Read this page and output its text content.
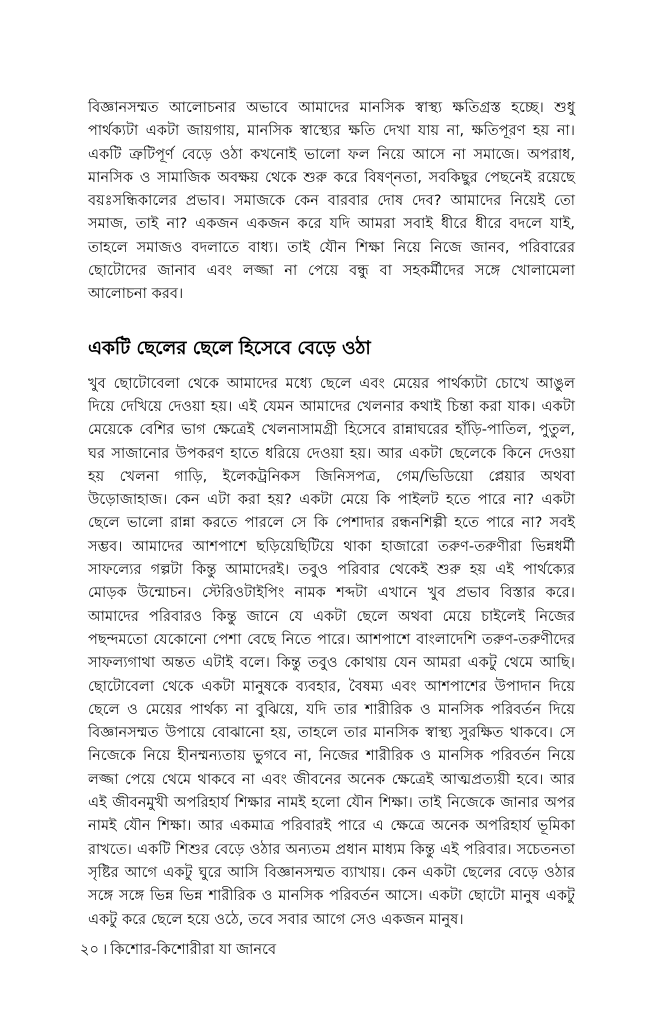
বিজ্ঞানসম্মত আলোচনার অভাবে আমাদের মানসিক স্বাস্থ্য ক্ষতিগ্রস্ত হচ্ছে। শুধু পার্থক্যটা একটা জায়গায়, মানসিক স্বাস্থ্যের ক্ষতি দেখা যায় না, ক্ষতিপূরণ হয় না। একটি ত্রুটিপূর্ণ বেড়ে ওঠা কখনোই ভালো ফল নিয়ে আসে না সমাজে। অপরাধ, মানসিক ও সামাজিক অবক্ষয় থেকে শুরু করে বিষণ্নতা, সবকিছুর পেছনেই রয়েছে বয়ঃসন্ধিকালের প্রভাব। সমাজকে কেন বারবার দোষ দেব? আমাদের নিয়েই তো সমাজ, তাই না? একজন একজন করে যদি আমরা সবাই ধীরে ধীরে বদলে যাই, তাহলে সমাজও বদলাতে বাধ্য। তাই যৌন শিক্ষা নিয়ে নিজে জানব, পরিবারের ছোটোদের জানাব এবং লজ্জা না পেয়ে বন্ধু বা সহকর্মীদের সঙ্গে খোলামেলা আলোচনা করব।

একটি ছেলের ছেলে হিসেবে বেড়ে ওঠা

খুব ছোটোবেলা থেকে আমাদের মধ্যে ছেলে এবং মেয়ের পার্থক্যটা চোখে আঙুল দিয়ে দেখিয়ে দেওয়া হয়। এই যেমন আমাদের খেলনার কথাই চিন্তা করা যাক। একটা মেয়েকে বেশির ভাগ ক্ষেত্রেই খেলনাসামগ্রী হিসেবে রান্নাঘরের হাঁড়ি-পাতিল, পুতুল, ঘর সাজানোর উপকরণ হাতে ধরিয়ে দেওয়া হয়। আর একটা ছেলেকে কিনে দেওয়া হয় খেলনা গাড়ি, ইলেকট্রনিকস জিনিসপত্র, গেম/ভিডিয়ো প্লেয়ার অথবা উড়োজাহাজ। কেন এটা করা হয়? একটা মেয়ে কি পাইলট হতে পারে না? একটা ছেলে ভালো রান্না করতে পারলে সে কি পেশাদার রন্ধনশিল্পী হতে পারে না? সবই সম্ভব। আমাদের আশপাশে ছড়িয়েছিটিয়ে থাকা হাজারো তরুণ-তরুণীরা ভিন্নধর্মী সাফল্যের গল্পটা কিন্তু আমাদেরই। তবুও পরিবার থেকেই শুরু হয় এই পার্থক্যের মোড়ক উন্মোচন। স্টেরিওটাইপিং নামক শব্দটা এখানে খুব প্রভাব বিস্তার করে। আমাদের পরিবারও কিন্তু জানে যে একটা ছেলে অথবা মেয়ে চাইলেই নিজের পছন্দমতো যেকোনো পেশা বেছে নিতে পারে। আশপাশে বাংলাদেশি তরুণ-তরুণীদের সাফল্যগাথা অন্তত এটাই বলে। কিন্তু তবুও কোথায় যেন আমরা একটু থেমে আছি। ছোটোবেলা থেকে একটা মানুষকে ব্যবহার, বৈষম্য এবং আশপাশের উপাদান দিয়ে ছেলে ও মেয়ের পার্থক্য না বুঝিয়ে, যদি তার শারীরিক ও মানসিক পরিবর্তন দিয়ে বিজ্ঞানসম্মত উপায়ে বোঝানো হয়, তাহলে তার মানসিক স্বাস্থ্য সুরক্ষিত থাকবে। সে নিজেকে নিয়ে হীনম্মন্যতায় ভুগবে না, নিজের শারীরিক ও মানসিক পরিবর্তন নিয়ে লজ্জা পেয়ে থেমে থাকবে না এবং জীবনের অনেক ক্ষেত্রেই আত্মপ্রত্যয়ী হবে। আর এই জীবনমুখী অপরিহার্য শিক্ষার নামই হলো যৌন শিক্ষা। তাই নিজেকে জানার অপর নামই যৌন শিক্ষা। আর একমাত্র পরিবারই পারে এ ক্ষেত্রে অনেক অপরিহার্য ভূমিকা রাখতে। একটি শিশুর বেড়ে ওঠার অন্যতম প্রধান মাধ্যম কিন্তু এই পরিবার। সচেতনতা সৃষ্টির আগে একটু ঘুরে আসি বিজ্ঞানসম্মত ব্যাখায়। কেন একটা ছেলের বেড়ে ওঠার সঙ্গে সঙ্গে ভিন্ন ভিন্ন শারীরিক ও মানসিক পরিবর্তন আসে। একটা ছোটো মানুষ একটু একটু করে ছেলে হয়ে ওঠে, তবে সবার আগে সেও একজন মানুষ।

২০ । কিশোর-কিশোরীরা যা জানবে
